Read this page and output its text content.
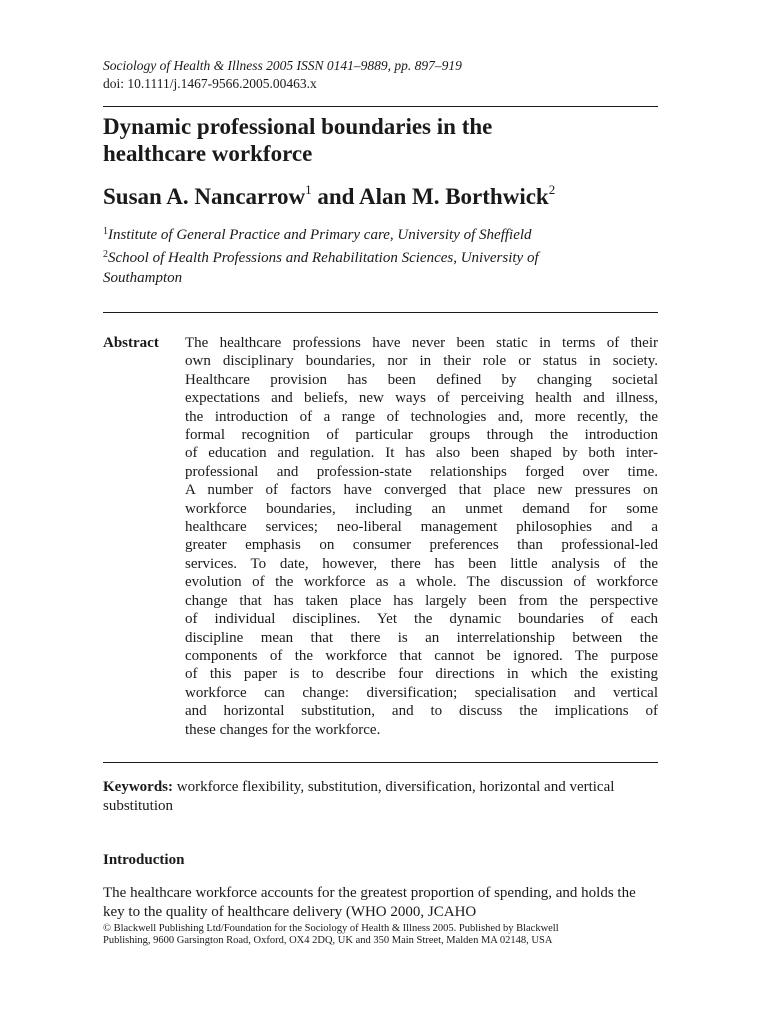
Sociology of Health & Illness 2005 ISSN 0141–9889, pp. 897–919
doi: 10.1111/j.1467-9566.2005.00463.x
Dynamic professional boundaries in the
healthcare workforce
Susan A. Nancarrow$^1$ and Alan M. Borthwick$^2$
$^1$Institute of General Practice and Primary care, University of Sheffield
$^2$School of Health Professions and Rehabilitation Sciences, University of
Southampton
Abstract The healthcare professions have never been static in terms of their
own disciplinary boundaries, nor in their role or status in society.
Healthcare provision has been defined by changing societal
expectations and beliefs, new ways of perceiving health and illness,
the introduction of a range of technologies and, more recently, the
formal recognition of particular groups through the introduction
of education and regulation. It has also been shaped by both inter-
professional and profession-state relationships forged over time.
A number of factors have converged that place new pressures on
workforce boundaries, including an unmet demand for some
healthcare services; neo-liberal management philosophies and a
greater emphasis on consumer preferences than professional-led
services. To date, however, there has been little analysis of the
evolution of the workforce as a whole. The discussion of workforce
change that has taken place has largely been from the perspective
of individual disciplines. Yet the dynamic boundaries of each
discipline mean that there is an interrelationship between the
components of the workforce that cannot be ignored. The purpose
of this paper is to describe four directions in which the existing
workforce can change: diversification; specialisation and vertical
and horizontal substitution, and to discuss the implications of
these changes for the workforce.
Keywords: workforce flexibility, substitution, diversification, horizontal and vertical substitution
Introduction
The healthcare workforce accounts for the greatest proportion of spending, and holds the key to the quality of healthcare delivery (WHO 2000, JCAHO
© Blackwell Publishing Ltd/Foundation for the Sociology of Health & Illness 2005. Published by Blackwell
Publishing, 9600 Garsington Road, Oxford, OX4 2DQ, UK and 350 Main Street, Malden MA 02148, USA
